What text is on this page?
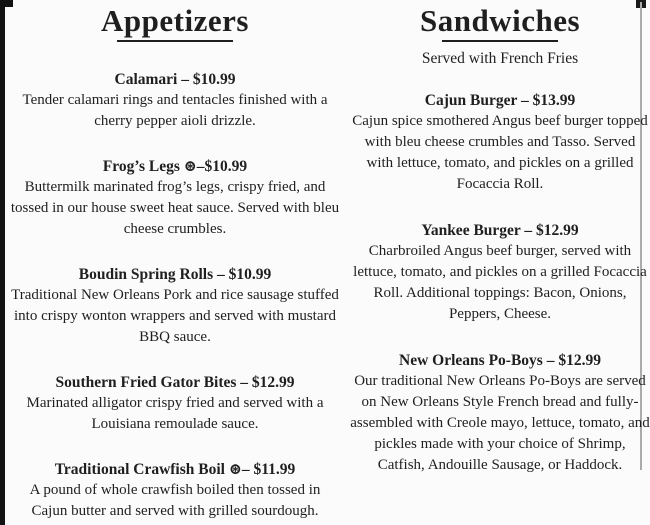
Appetizers
Calamari – $10.99
Tender calamari rings and tentacles finished with a cherry pepper aioli drizzle.
Frog’s Legs ⊛–$10.99
Buttermilk marinated frog’s legs, crispy fried, and tossed in our house sweet heat sauce. Served with bleu cheese crumbles.
Boudin Spring Rolls – $10.99
Traditional New Orleans Pork and rice sausage stuffed into crispy wonton wrappers and served with mustard BBQ sauce.
Southern Fried Gator Bites – $12.99
Marinated alligator crispy fried and served with a Louisiana remoulade sauce.
Traditional Crawfish Boil ⊛– $11.99
A pound of whole crawfish boiled then tossed in Cajun butter and served with grilled sourdough.
Sandwiches
Served with French Fries
Cajun Burger – $13.99
Cajun spice smothered Angus beef burger topped with bleu cheese crumbles and Tasso. Served with lettuce, tomato, and pickles on a grilled Focaccia Roll.
Yankee Burger – $12.99
Charbroiled Angus beef burger, served with lettuce, tomato, and pickles on a grilled Focaccia Roll. Additional toppings: Bacon, Onions, Peppers, Cheese.
New Orleans Po-Boys – $12.99
Our traditional New Orleans Po-Boys are served on New Orleans Style French bread and fully-assembled with Creole mayo, lettuce, tomato, and pickles made with your choice of Shrimp, Catfish, Andouille Sausage, or Haddock.
